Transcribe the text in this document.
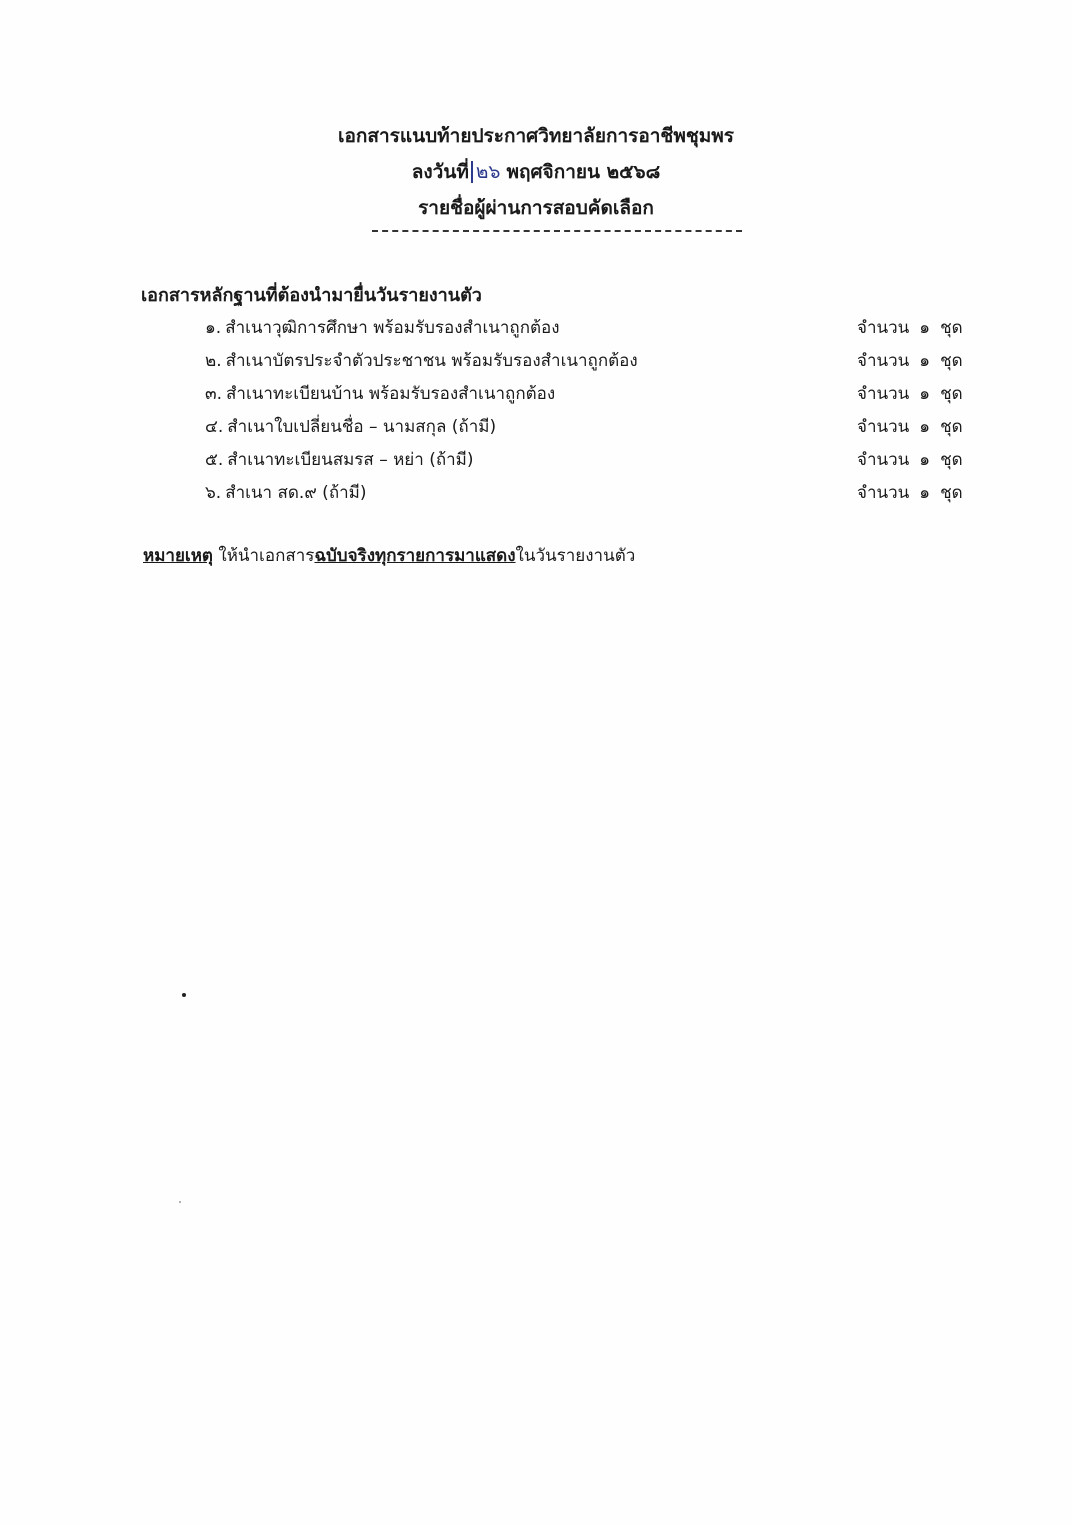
เอกสารแนบท้ายประกาศวิทยาลัยการอาชีพชุมพร
ลงวันที่ ๒๖ พฤศจิกายน ๒๕๖๘
รายชื่อผู้ผ่านการสอบคัดเลือก
เอกสารหลักฐานที่ต้องนำมายื่นวันรายงานตัว
๑. สำเนาวุฒิการศึกษา พร้อมรับรองสำเนาถูกต้อง	จำนวน ๑ ชุด
๒. สำเนาบัตรประจำตัวประชาชน พร้อมรับรองสำเนาถูกต้อง	จำนวน ๑ ชุด
๓. สำเนาทะเบียนบ้าน พร้อมรับรองสำเนาถูกต้อง	จำนวน ๑ ชุด
๔. สำเนาใบเปลี่ยนชื่อ – นามสกุล (ถ้ามี)	จำนวน ๑ ชุด
๕. สำเนาทะเบียนสมรส – หย่า (ถ้ามี)	จำนวน ๑ ชุด
๖. สำเนา สด.๙ (ถ้ามี)	จำนวน ๑ ชุด
หมายเหตุ ให้นำเอกสารฉบับจริงทุกรายการมาแสดงในวันรายงานตัว
